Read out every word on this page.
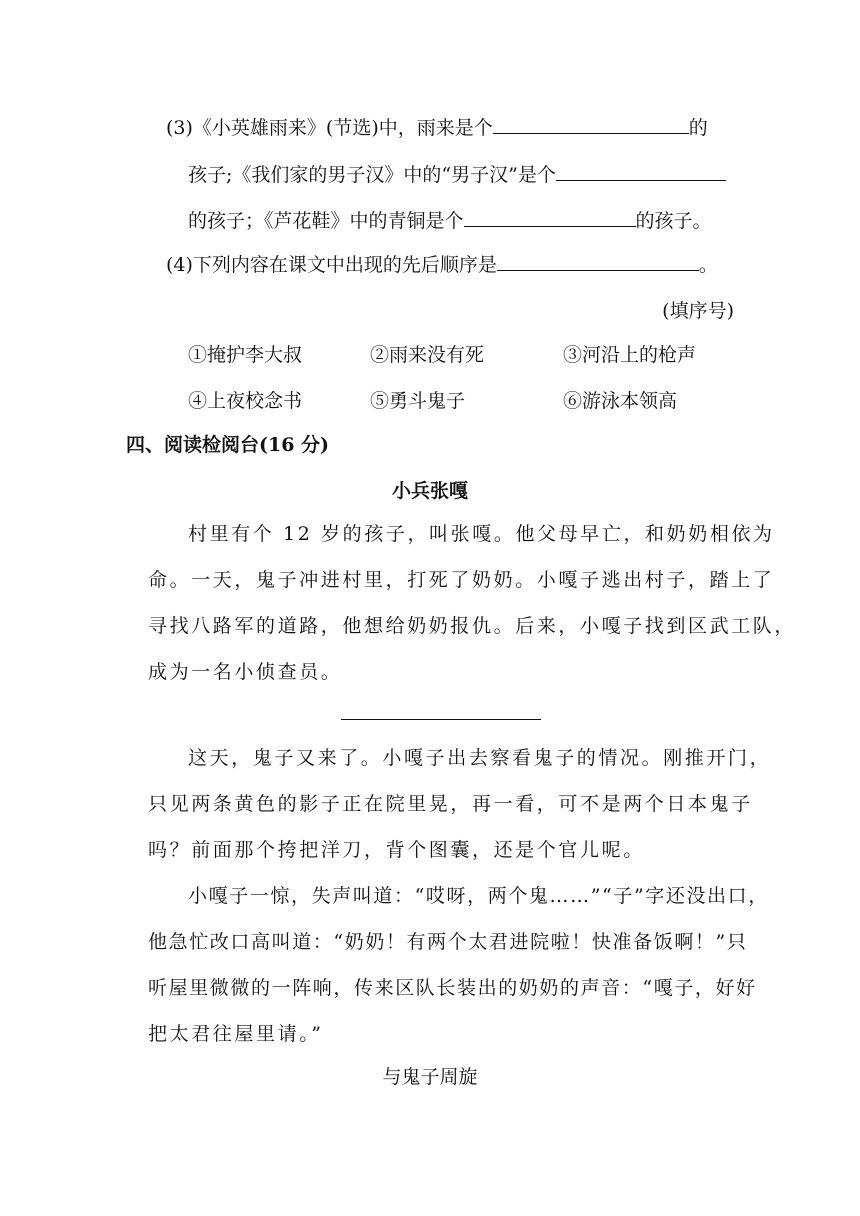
(3)《小英雄雨来》(节选)中，雨来是个	的
孩子;《我们家的男子汉》中的“男子汉”是个
的孩子；《芦花鞋》中的青铜是个	的孩子。
(4)下列内容在课文中出现的先后顺序是	。
(填序号)
①掩护李大叔	②雨来没有死	③河沿上的枪声
④上夜校念书	⑤勇斗鬼子	⑥游泳本领高
四、阅读检阅台(16 分)
小兵张嘎
村里有个 12 岁的孩子，叫张嘎。他父母早亡，和奶奶相依为
命。一天，鬼子冲进村里，打死了奶奶。小嘎子逃出村子，踏上了
寻找八路军的道路，他想给奶奶报仇。后来，小嘎子找到区武工队，
成为一名小侦查员。
这天，鬼子又来了。小嘎子出去察看鬼子的情况。刚推开门，
只见两条黄色的影子正在院里晃，再一看，可不是两个日本鬼子
吗？前面那个挎把洋刀，背个图囊，还是个官儿呢。
小嘎子一惊，失声叫道：“哎呀，两个鬼……”“子”字还没出口，
他急忙改口高叫道：“奶奶！有两个太君进院啦！快准备饭啊！”只
听屋里微微的一阵响，传来区队长装出的奶奶的声音：“嘎子，好好
把太君往屋里请。”
与鬼子周旋
